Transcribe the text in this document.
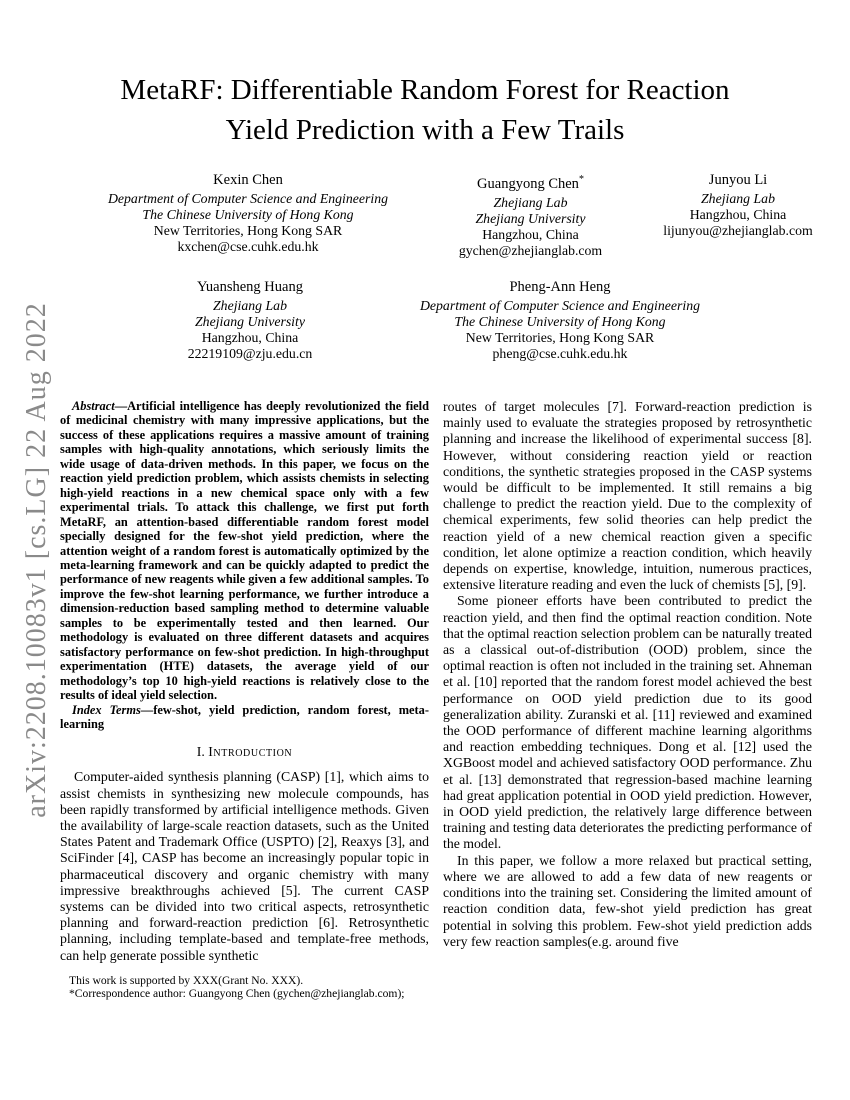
arXiv:2208.10083v1 [cs.LG] 22 Aug 2022
MetaRF: Differentiable Random Forest for Reaction Yield Prediction with a Few Trails
Kexin Chen
Department of Computer Science and Engineering
The Chinese University of Hong Kong
New Territories, Hong Kong SAR
kxchen@cse.cuhk.edu.hk
Guangyong Chen*
Zhejiang Lab
Zhejiang University
Hangzhou, China
gychen@zhejianglab.com
Junyou Li
Zhejiang Lab
Hangzhou, China
lijunyou@zhejianglab.com
Yuansheng Huang
Zhejiang Lab
Zhejiang University
Hangzhou, China
22219109@zju.edu.cn
Pheng-Ann Heng
Department of Computer Science and Engineering
The Chinese University of Hong Kong
New Territories, Hong Kong SAR
pheng@cse.cuhk.edu.hk

Abstract—Artificial intelligence has deeply revolutionized the field of medicinal chemistry with many impressive applications, but the success of these applications requires a massive amount of training samples with high-quality annotations, which seriously limits the wide usage of data-driven methods. In this paper, we focus on the reaction yield prediction problem, which assists chemists in selecting high-yield reactions in a new chemical space only with a few experimental trials. To attack this challenge, we first put forth MetaRF, an attention-based differentiable random forest model specially designed for the few-shot yield prediction, where the attention weight of a random forest is automatically optimized by the meta-learning framework and can be quickly adapted to predict the performance of new reagents while given a few additional samples. To improve the few-shot learning performance, we further introduce a dimension-reduction based sampling method to determine valuable samples to be experimentally tested and then learned. Our methodology is evaluated on three different datasets and acquires satisfactory performance on few-shot prediction. In high-throughput experimentation (HTE) datasets, the average yield of our methodology’s top 10 high-yield reactions is relatively close to the results of ideal yield selection.

Index Terms—few-shot, yield prediction, random forest, meta-learning

I. Introduction

Computer-aided synthesis planning (CASP) [1], which aims to assist chemists in synthesizing new molecule compounds, has been rapidly transformed by artificial intelligence methods. Given the availability of large-scale reaction datasets, such as the United States Patent and Trademark Office (USPTO) [2], Reaxys [3], and SciFinder [4], CASP has become an increasingly popular topic in pharmaceutical discovery and organic chemistry with many impressive breakthroughs achieved [5]. The current CASP systems can be divided into two critical aspects, retrosynthetic planning and forward-reaction prediction [6]. Retrosynthetic planning, including template-based and template-free methods, can help generate possible synthetic

This work is supported by XXX(Grant No. XXX).
*Correspondence author: Guangyong Chen (gychen@zhejianglab.com);

routes of target molecules [7]. Forward-reaction prediction is mainly used to evaluate the strategies proposed by retrosynthetic planning and increase the likelihood of experimental success [8]. However, without considering reaction yield or reaction conditions, the synthetic strategies proposed in the CASP systems would be difficult to be implemented. It still remains a big challenge to predict the reaction yield. Due to the complexity of chemical experiments, few solid theories can help predict the reaction yield of a new chemical reaction given a specific condition, let alone optimize a reaction condition, which heavily depends on expertise, knowledge, intuition, numerous practices, extensive literature reading and even the luck of chemists [5], [9].

Some pioneer efforts have been contributed to predict the reaction yield, and then find the optimal reaction condition. Note that the optimal reaction selection problem can be naturally treated as a classical out-of-distribution (OOD) problem, since the optimal reaction is often not included in the training set. Ahneman et al. [10] reported that the random forest model achieved the best performance on OOD yield prediction due to its good generalization ability. Zuranski et al. [11] reviewed and examined the OOD performance of different machine learning algorithms and reaction embedding techniques. Dong et al. [12] used the XGBoost model and achieved satisfactory OOD performance. Zhu et al. [13] demonstrated that regression-based machine learning had great application potential in OOD yield prediction. However, in OOD yield prediction, the relatively large difference between training and testing data deteriorates the predicting performance of the model.

In this paper, we follow a more relaxed but practical setting, where we are allowed to add a few data of new reagents or conditions into the training set. Considering the limited amount of reaction condition data, few-shot yield prediction has great potential in solving this problem. Few-shot yield prediction adds very few reaction samples(e.g. around five
